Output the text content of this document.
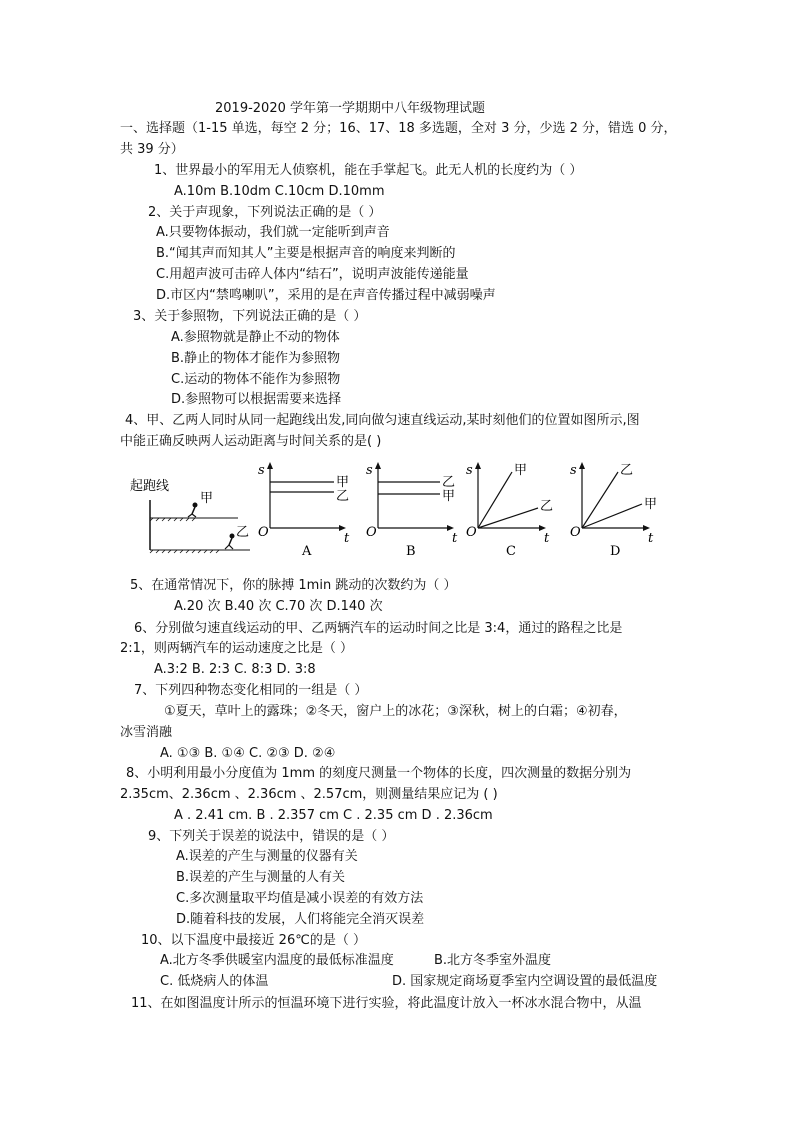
2019-2020 学年第一学期期中八年级物理试题
一、选择题（1-15 单选，每空 2 分；16、17、18 多选题，全对 3 分，少选 2 分，错选 0 分，
共 39 分）
1、世界最小的军用无人侦察机，能在手掌起飞。此无人机的长度约为（ ）
A.10m B.10dm C.10cm D.10mm
2、关于声现象，下列说法正确的是（ ）
A.只要物体振动，我们就一定能听到声音
B.“闻其声而知其人”主要是根据声音的响度来判断的
C.用超声波可击碎人体内“结石”，说明声波能传递能量
D.市区内“禁鸣喇叭”，采用的是在声音传播过程中减弱噪声
3、关于参照物，下列说法正确的是（ ）
A.参照物就是静止不动的物体
B.静止的物体才能作为参照物
C.运动的物体不能作为参照物
D.参照物可以根据需要来选择
4、甲、乙两人同时从同一起跑线出发,同向做匀速直线运动,某时刻他们的位置如图所示,图
中能正确反映两人运动距离与时间关系的是( )
起跑线
甲
乙
s
O	t
甲
乙
A
s
O	t
乙
甲
B
s
O	t
甲
乙
C
s
O	t
乙
甲
D
5、在通常情况下，你的脉搏 1min 跳动的次数约为（ ）
A.20 次 B.40 次 C.70 次 D.140 次
6、分别做匀速直线运动的甲、乙两辆汽车的运动时间之比是 3:4，通过的路程之比是
2:1，则两辆汽车的运动速度之比是（ ）
A.3:2 B. 2:3 C. 8:3 D. 3:8
7、下列四种物态变化相同的一组是（ ）
①夏天，草叶上的露珠；②冬天，窗户上的冰花；③深秋，树上的白霜；④初春，
冰雪消融
A. ①③ B. ①④ C. ②③ D. ②④
8、小明利用最小分度值为 1mm 的刻度尺测量一个物体的长度，四次测量的数据分别为
2.35cm、2.36cm 、2.36cm 、2.57cm，则测量结果应记为 ( )
A . 2.41 cm. B . 2.357 cm C . 2.35 cm D . 2.36cm
9、下列关于误差的说法中，错误的是（ ）
A.误差的产生与测量的仪器有关
B.误差的产生与测量的人有关
C.多次测量取平均值是减小误差的有效方法
D.随着科技的发展，人们将能完全消灭误差
10、以下温度中最接近 26℃的是（ ）
A.北方冬季供暖室内温度的最低标准温度	B.北方冬季室外温度
C. 低烧病人的体温	D. 国家规定商场夏季室内空调设置的最低温度
11、在如图温度计所示的恒温环境下进行实验，将此温度计放入一杯冰水混合物中，从温
